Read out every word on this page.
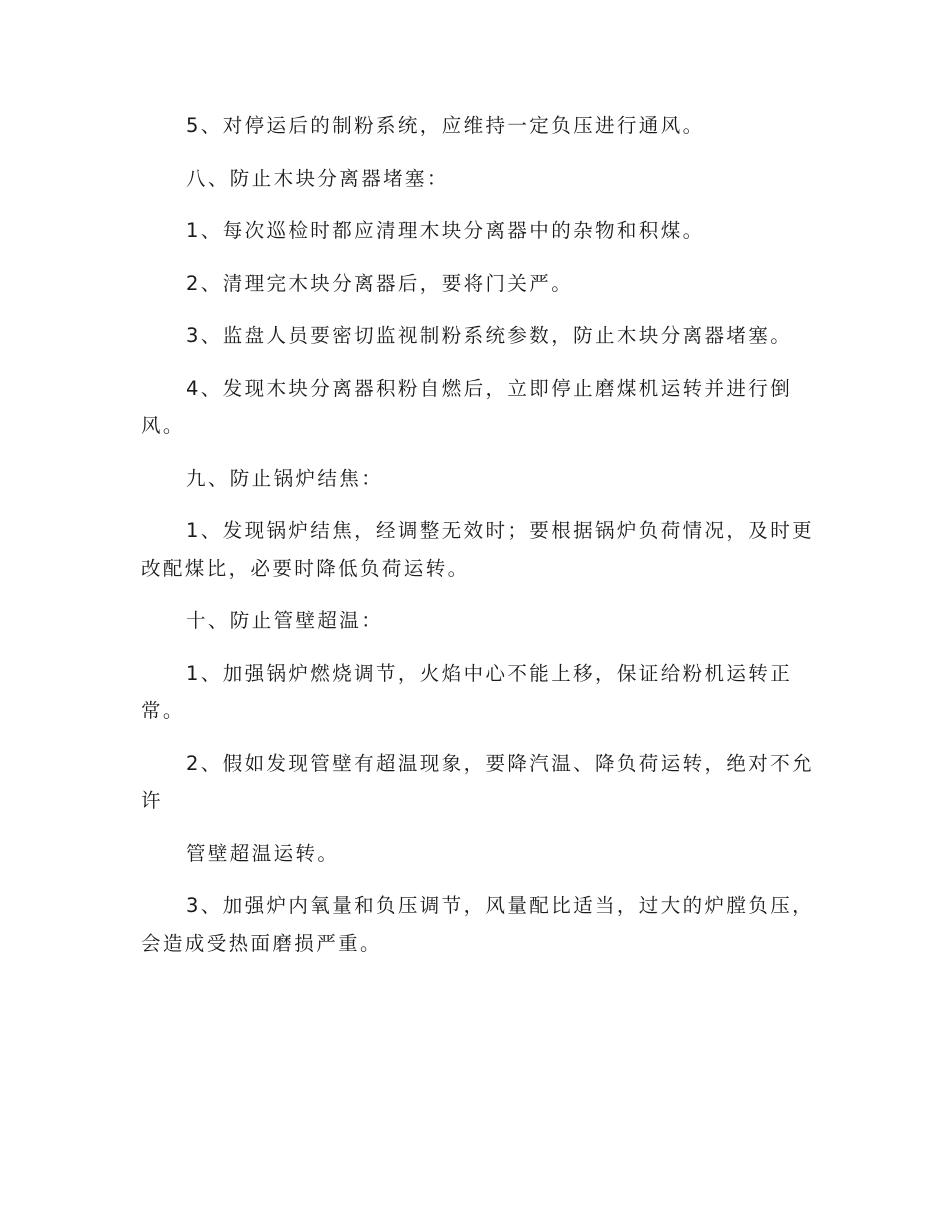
5、对停运后的制粉系统，应维持一定负压进行通风。
八、防止木块分离器堵塞：
1、每次巡检时都应清理木块分离器中的杂物和积煤。
2、清理完木块分离器后，要将门关严。
3、监盘人员要密切监视制粉系统参数，防止木块分离器堵塞。
4、发现木块分离器积粉自燃后，立即停止磨煤机运转并进行倒
风。
九、防止锅炉结焦：
1、发现锅炉结焦，经调整无效时；要根据锅炉负荷情况，及时更
改配煤比，必要时降低负荷运转。
十、防止管壁超温：
1、加强锅炉燃烧调节，火焰中心不能上移，保证给粉机运转正
常。
2、假如发现管壁有超温现象，要降汽温、降负荷运转，绝对不允
许
管壁超温运转。
3、加强炉内氧量和负压调节，风量配比适当，过大的炉膛负压，
会造成受热面磨损严重。
